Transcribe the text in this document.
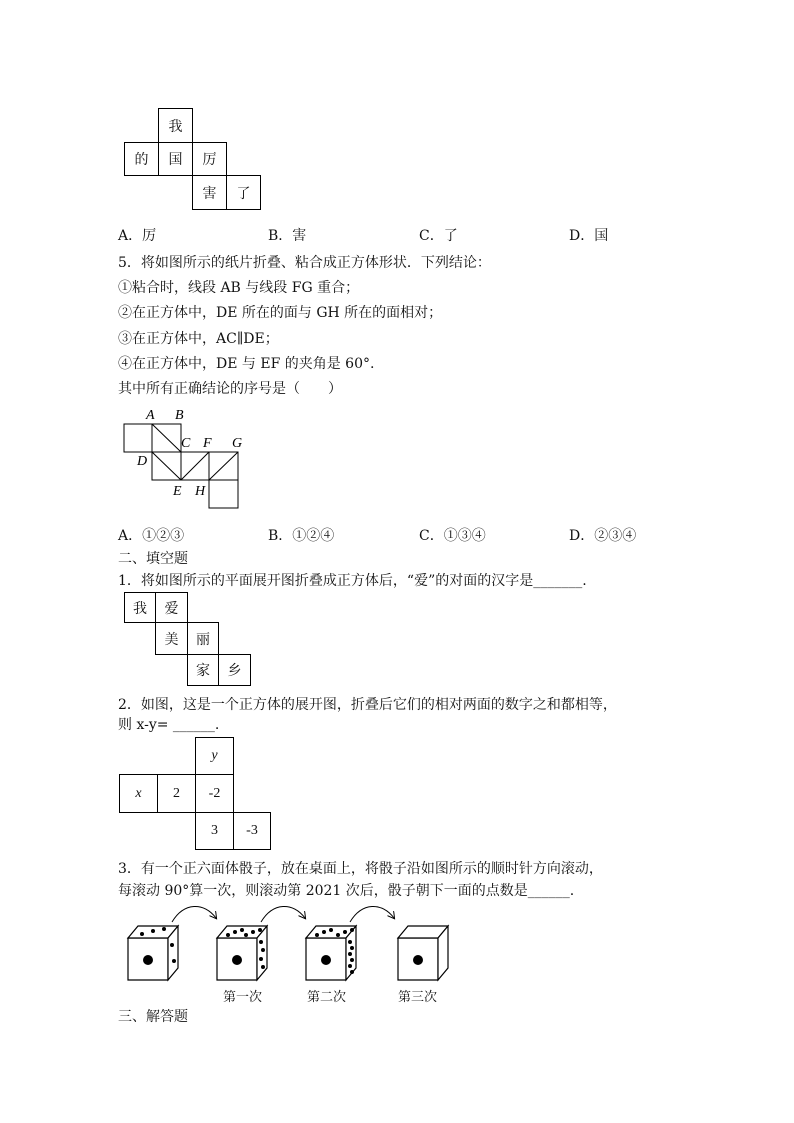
我
的	国	厉
害	了
A．厉	B．害	C．了	D．国
5．将如图所示的纸片折叠、粘合成正方体形状．下列结论：
①粘合时，线段 AB 与线段 FG 重合；
②在正方体中，DE 所在的面与 GH 所在的面相对；
③在正方体中，AC∥DE；
④在正方体中，DE 与 EF 的夹角是 60°.
其中所有正确结论的序号是（　　）
A B
C F G
D
E H
A．①②③	B．①②④	C．①③④	D．②③④
二、填空题
1．将如图所示的平面展开图折叠成正方体后，“爱”的对面的汉字是_______.
我	爱
美	丽
家	乡
2．如图，这是一个正方体的展开图，折叠后它们的相对两面的数字之和都相等，
则 x-y= ______.
y
x	2	-2
3	-3
3．有一个正六面体骰子，放在桌面上，将骰子沿如图所示的顺时针方向滚动，
每滚动 90°算一次，则滚动第 2021 次后，骰子朝下一面的点数是______.
第一次	第二次	第三次
三、解答题
